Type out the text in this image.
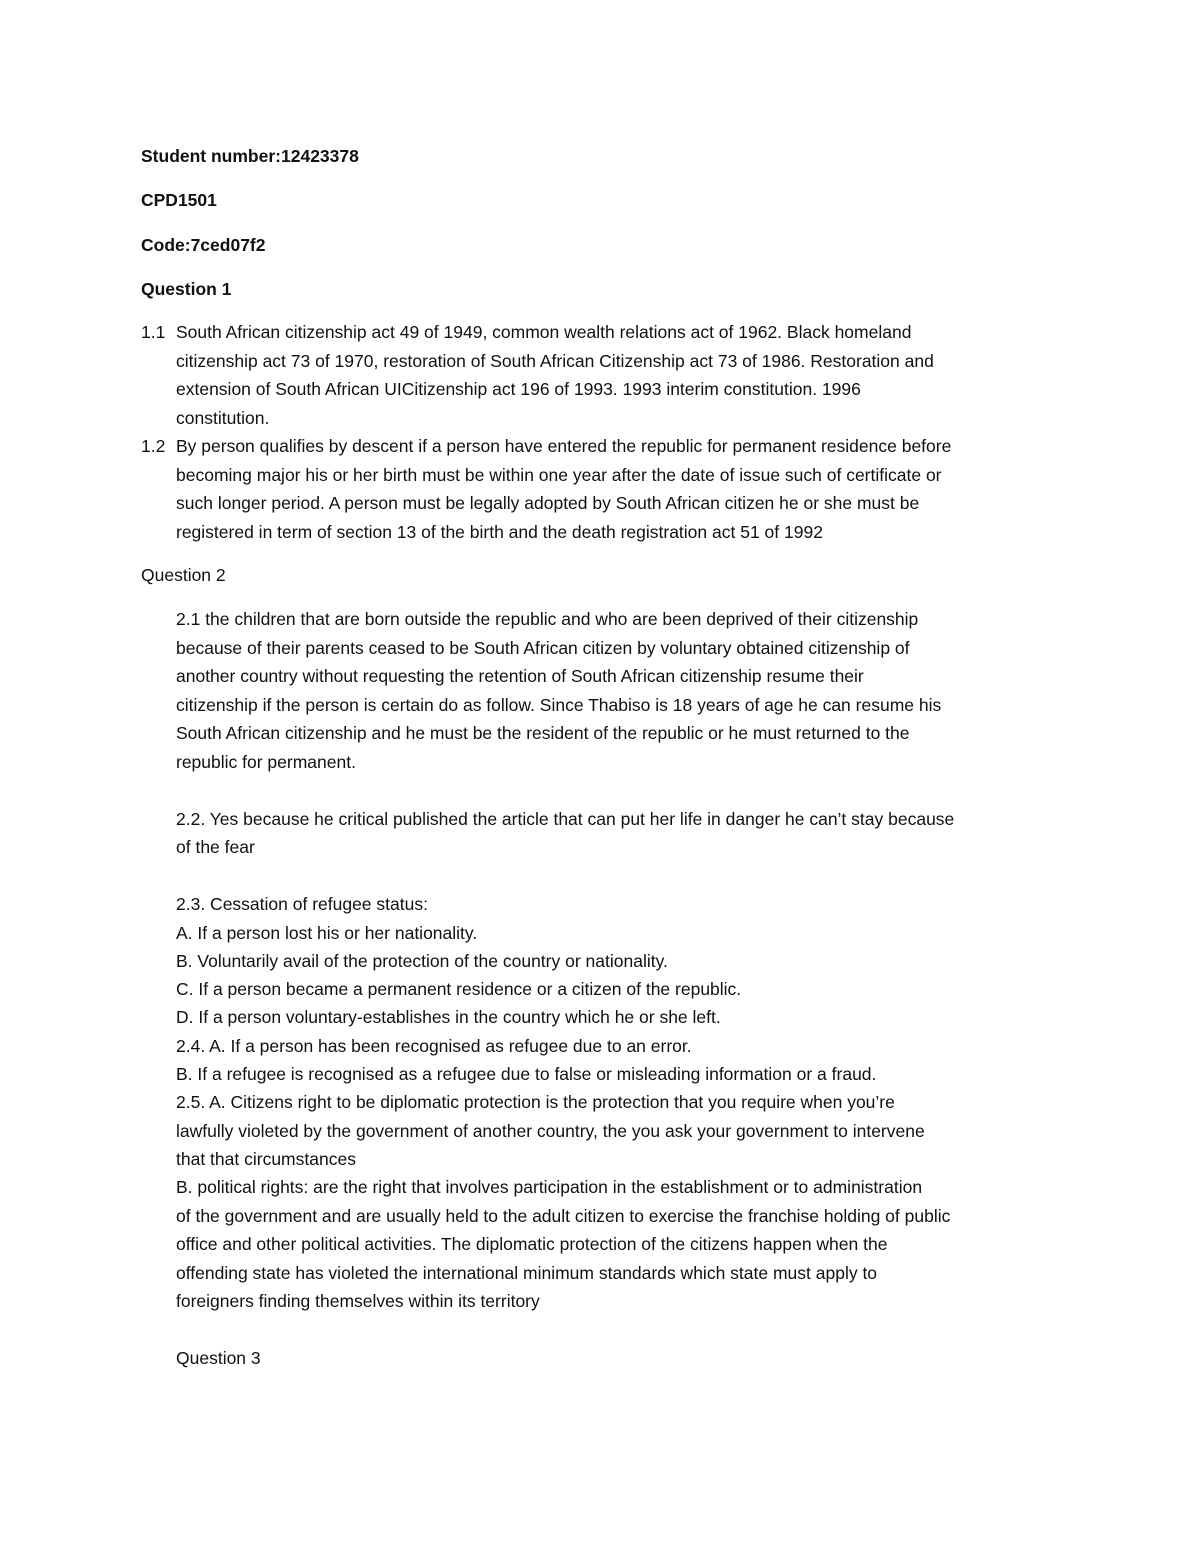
Student number:12423378
CPD1501
Code:7ced07f2
Question 1
1.1 South African citizenship act 49 of 1949, common wealth relations act of 1962. Black homeland
citizenship act 73 of 1970, restoration of South African Citizenship act 73 of 1986. Restoration and
extension of South African UICitizenship act 196 of 1993. 1993 interim constitution. 1996
constitution.
1.2 By person qualifies by descent if a person have entered the republic for permanent residence before
becoming major his or her birth must be within one year after the date of issue such of certificate or
such longer period. A person must be legally adopted by South African citizen he or she must be
registered in term of section 13 of the birth and the death registration act 51 of 1992
Question 2
2.1 the children that are born outside the republic and who are been deprived of their citizenship
because of their parents ceased to be South African citizen by voluntary obtained citizenship of
another country without requesting the retention of South African citizenship resume their
citizenship if the person is certain do as follow. Since Thabiso is 18 years of age he can resume his
South African citizenship and he must be the resident of the republic or he must returned to the
republic for permanent.
2.2. Yes because he critical published the article that can put her life in danger he can’t stay because
of the fear
2.3. Cessation of refugee status:
A. If a person lost his or her nationality.
B. Voluntarily avail of the protection of the country or nationality.
C. If a person became a permanent residence or a citizen of the republic.
D. If a person voluntary-establishes in the country which he or she left.
2.4. A. If a person has been recognised as refugee due to an error.
B. If a refugee is recognised as a refugee due to false or misleading information or a fraud.
2.5. A. Citizens right to be diplomatic protection is the protection that you require when you’re
lawfully violeted by the government of another country, the you ask your government to intervene
that that circumstances
B. political rights: are the right that involves participation in the establishment or to administration
of the government and are usually held to the adult citizen to exercise the franchise holding of public
office and other political activities. The diplomatic protection of the citizens happen when the
offending state has violeted the international minimum standards which state must apply to
foreigners finding themselves within its territory
Question 3
